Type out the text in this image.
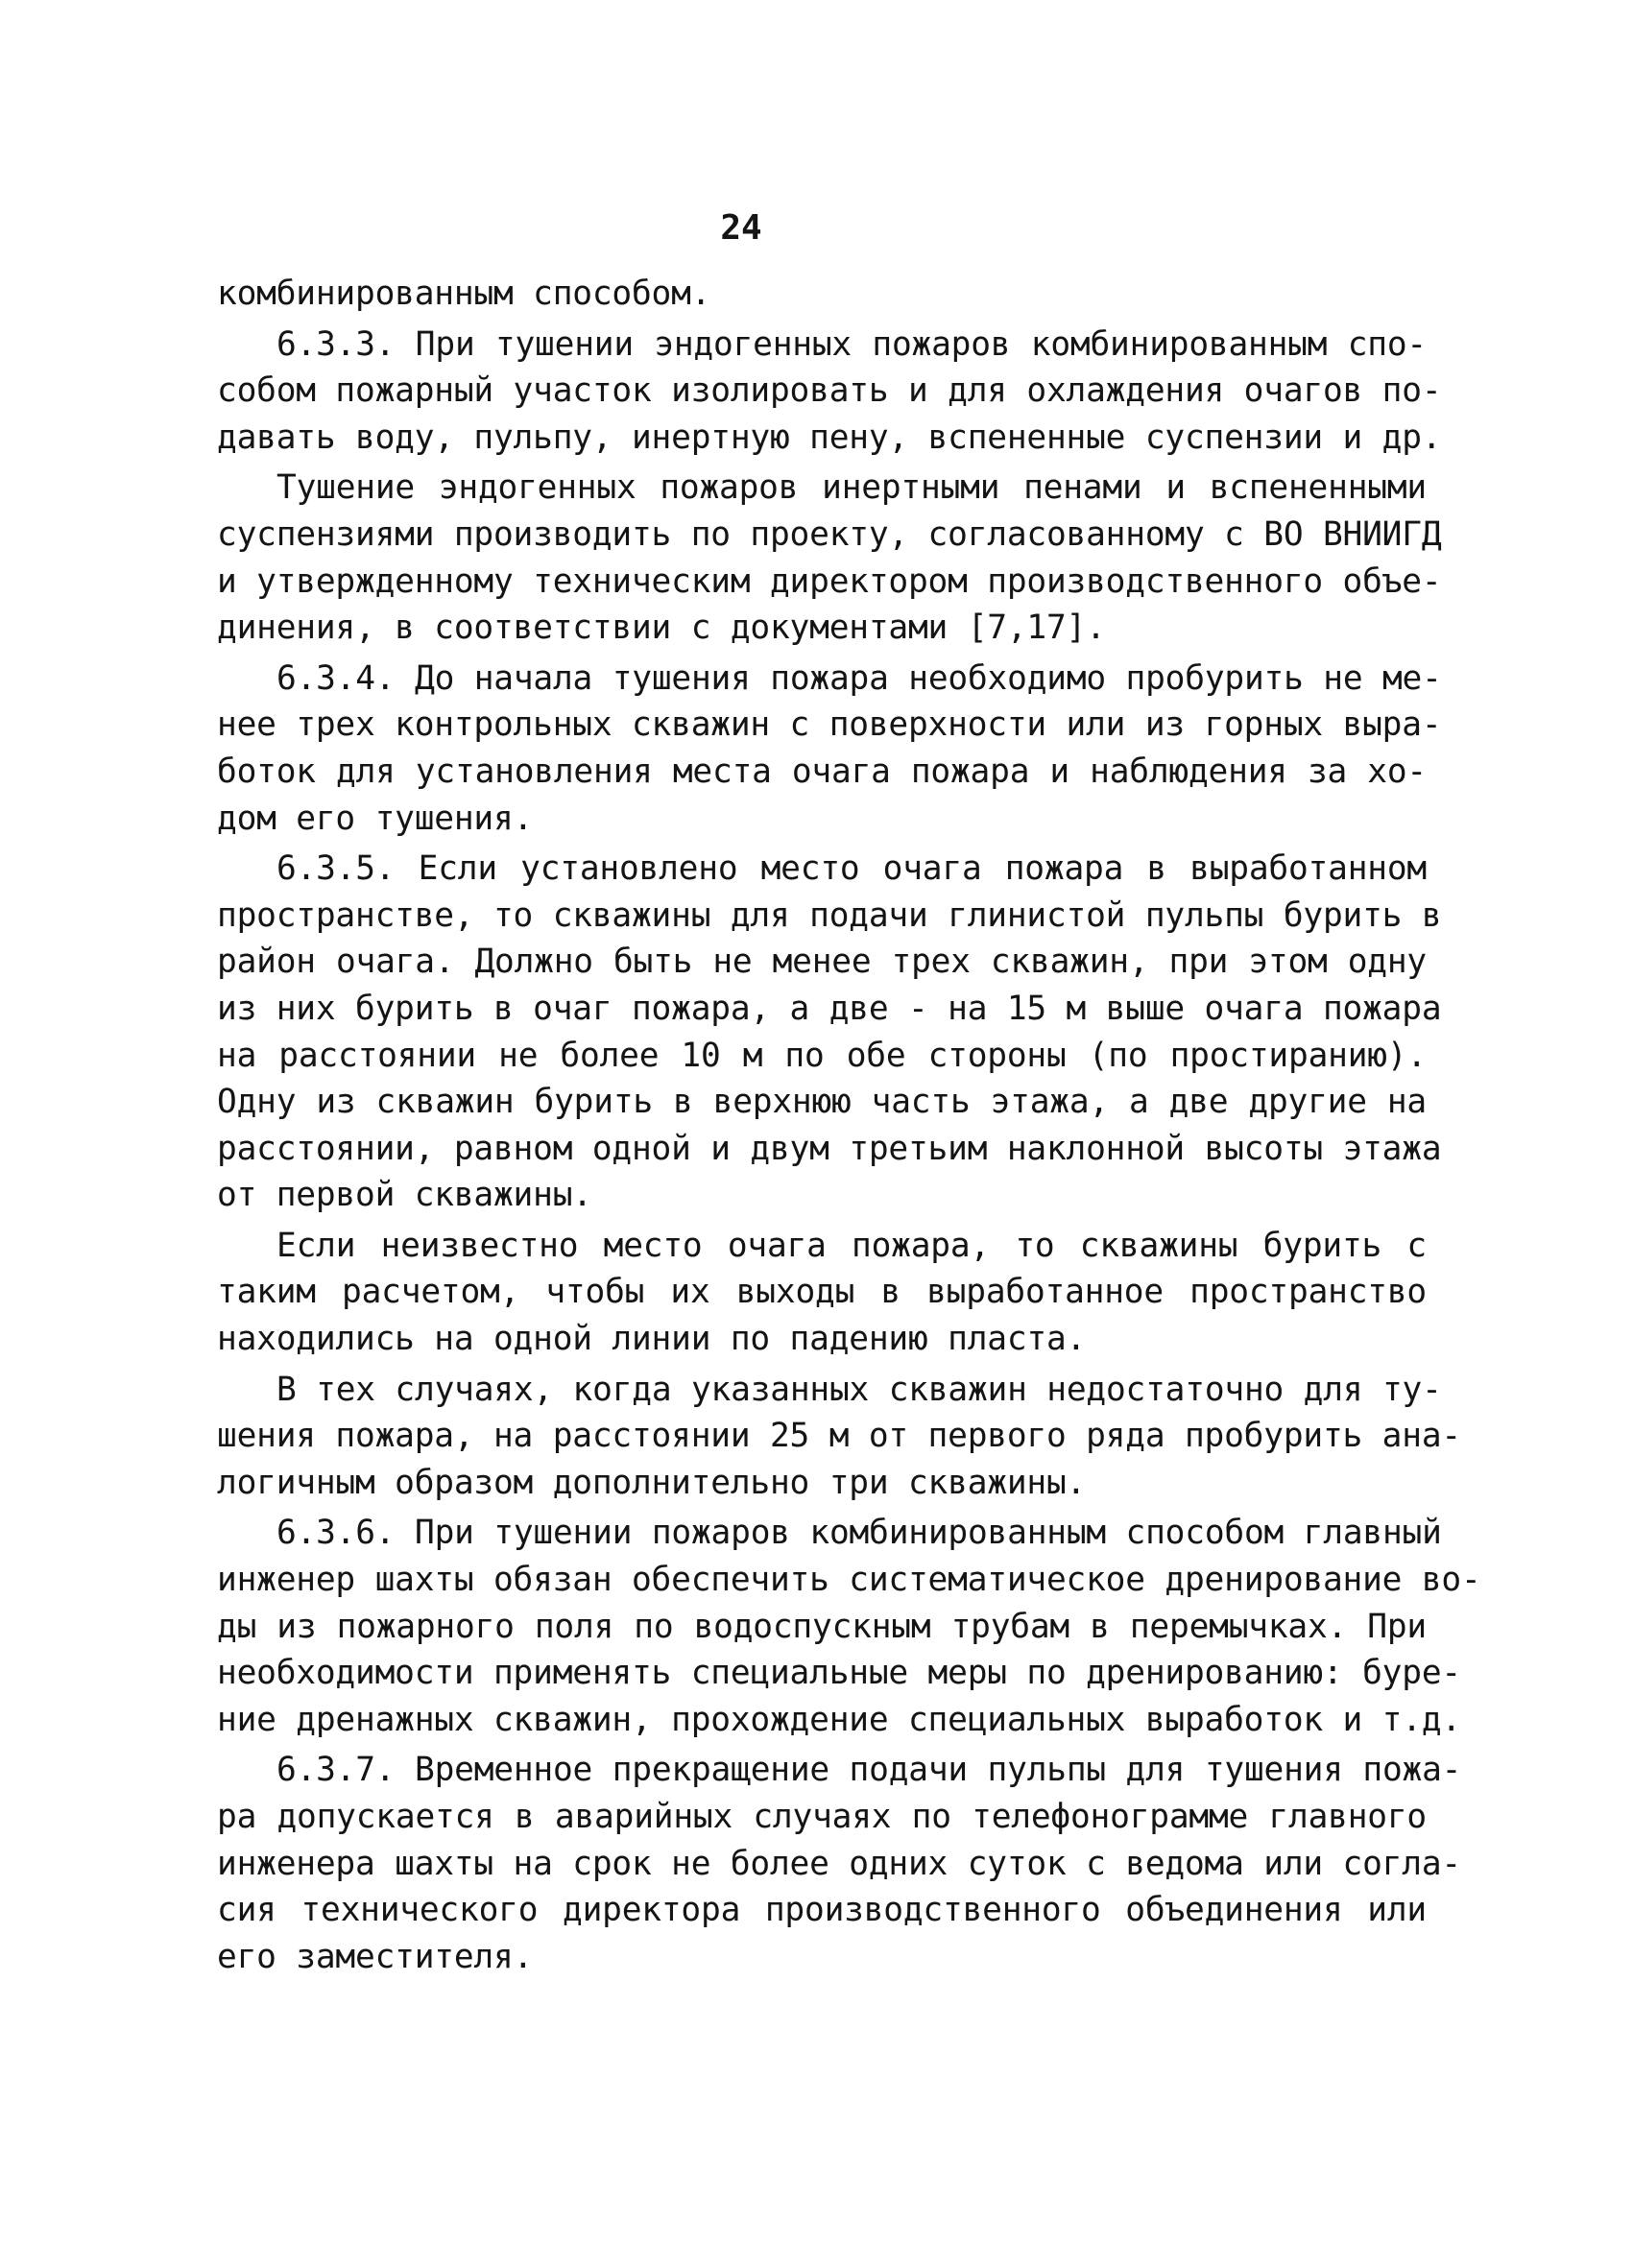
24
комбинированным способом.
6.3.3. При тушении эндогенных пожаров комбинированным спо-
собом пожарный участок изолировать и для охлаждения очагов по-
давать воду, пульпу, инертную пену, вспененные суспензии и др.
Тушение эндогенных пожаров инертными пенами и вспененными
суспензиями производить по проекту, согласованному с ВО ВНИИГД
и утвержденному техническим директором производственного объе-
динения, в соответствии с документами [7,17].
6.3.4. До начала тушения пожара необходимо пробурить не ме-
нее трех контрольных скважин с поверхности или из горных выра-
боток для установления места очага пожара и наблюдения за хо-
дом его тушения.
6.3.5. Если установлено место очага пожара в выработанном
пространстве, то скважины для подачи глинистой пульпы бурить в
район очага. Должно быть не менее трех скважин, при этом одну
из них бурить в очаг пожара, а две - на 15 м выше очага пожара
на расстоянии не более 10 м по обе стороны (по простиранию).
Одну из скважин бурить в верхнюю часть этажа, а две другие на
расстоянии, равном одной и двум третьим наклонной высоты этажа
от первой скважины.
Если неизвестно место очага пожара, то скважины бурить с
таким расчетом, чтобы их выходы в выработанное пространство
находились на одной линии по падению пласта.
В тех случаях, когда указанных скважин недостаточно для ту-
шения пожара, на расстоянии 25 м от первого ряда пробурить ана-
логичным образом дополнительно три скважины.
6.3.6. При тушении пожаров комбинированным способом главный
инженер шахты обязан обеспечить систематическое дренирование во-
ды из пожарного поля по водоспускным трубам в перемычках. При
необходимости применять специальные меры по дренированию: буре-
ние дренажных скважин, прохождение специальных выработок и т.д.
6.3.7. Временное прекращение подачи пульпы для тушения пожа-
ра допускается в аварийных случаях по телефонограмме главного
инженера шахты на срок не более одних суток с ведома или согла-
сия технического директора производственного объединения или
его заместителя.
